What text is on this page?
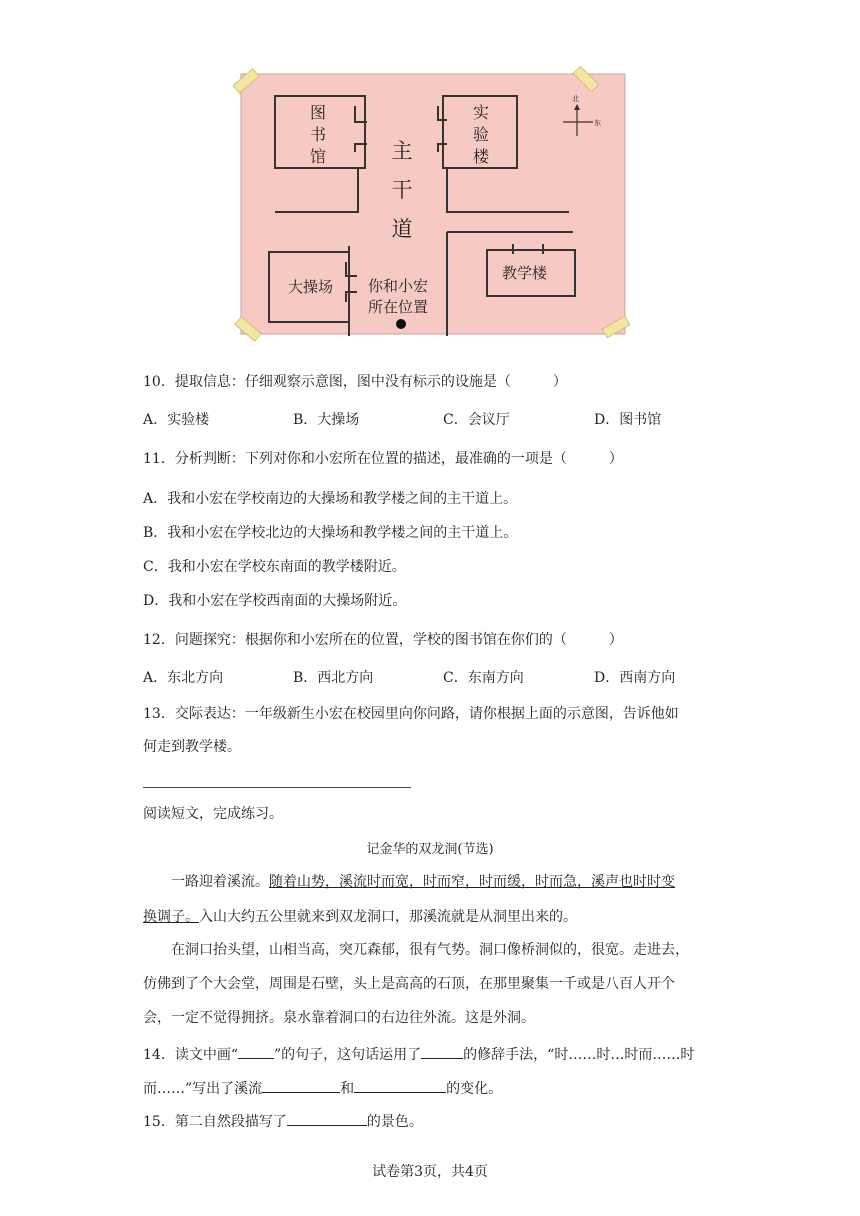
图
书
馆
实
验
楼
主
干
道
大操场 你和小宏
所在位置
教学楼
北
东
10．提取信息：仔细观察示意图，图中没有标示的设施是（　　　）
A．实验楼	B．大操场	C．会议厅	D．图书馆
11．分析判断：下列对你和小宏所在位置的描述，最准确的一项是（　　　）
A．我和小宏在学校南边的大操场和教学楼之间的主干道上。
B．我和小宏在学校北边的大操场和教学楼之间的主干道上。
C．我和小宏在学校东南面的教学楼附近。
D．我和小宏在学校西南面的大操场附近。
12．问题探究：根据你和小宏所在的位置，学校的图书馆在你们的（　　　）
A．东北方向	B．西北方向	C．东南方向	D．西南方向
13．交际表达：一年级新生小宏在校园里向你问路，请你根据上面的示意图，告诉他如
何走到教学楼。
阅读短文，完成练习。
记金华的双龙洞(节选)
一路迎着溪流。随着山势，溪流时而宽，时而窄，时而缓，时而急，溪声也时时变
换调子。入山大约五公里就来到双龙洞口，那溪流就是从洞里出来的。
在洞口抬头望，山相当高，突兀森郁，很有气势。洞口像桥洞似的，很宽。走进去，
仿佛到了个大会堂，周围是石壁，头上是高高的石顶，在那里聚集一千或是八百人开个
会，一定不觉得拥挤。泉水靠着洞口的右边往外流。这是外洞。
14．读文中画“	”的句子，这句话运用了	的修辞手法，“时……时…时而……时
而……”写出了溪流	和	的变化。
15．第二自然段描写了	的景色。
试卷第3页，共4页
